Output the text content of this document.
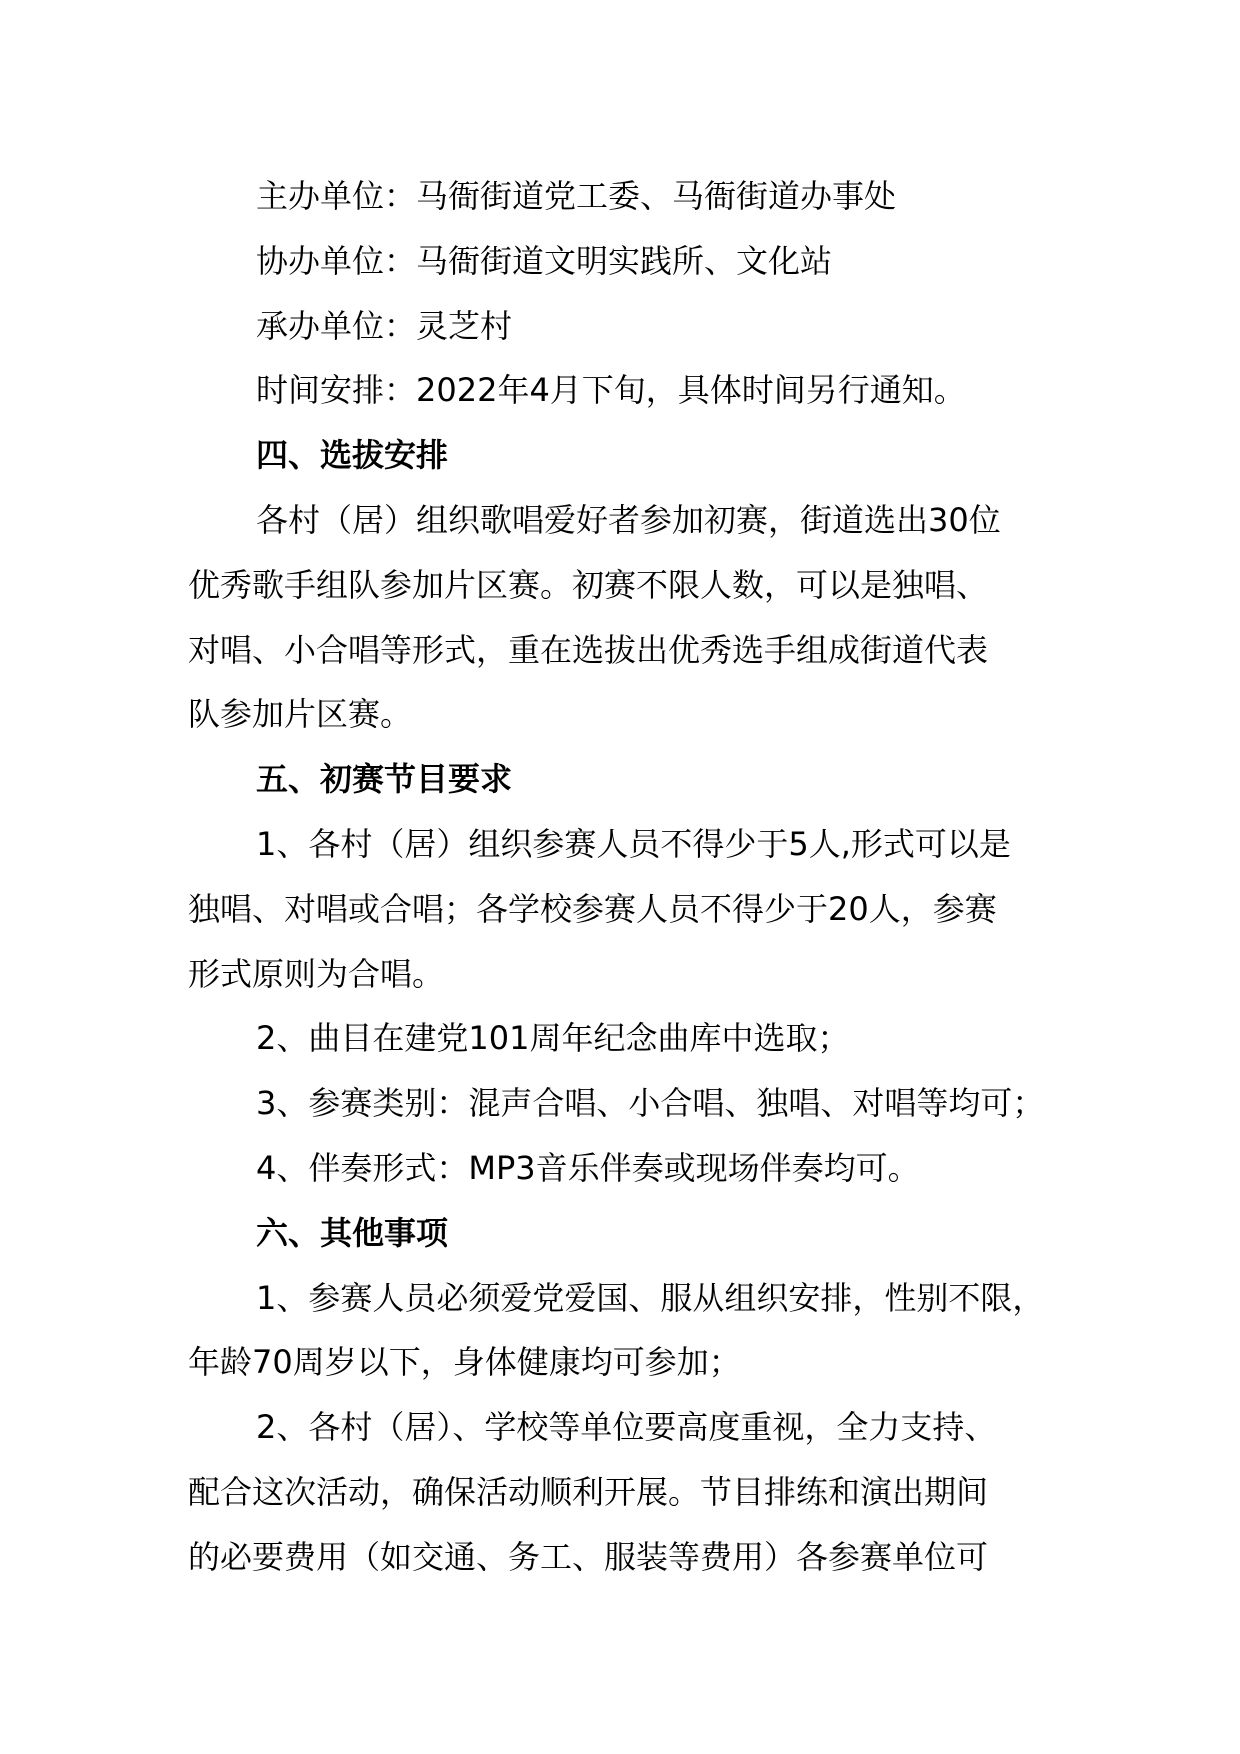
主办单位：马衙街道党工委、马衙街道办事处
协办单位：马衙街道文明实践所、文化站
承办单位：灵芝村
时间安排：2022年4月下旬，具体时间另行通知。
四、选拔安排
各村（居）组织歌唱爱好者参加初赛，街道选出30位
优秀歌手组队参加片区赛。初赛不限人数，可以是独唱、
对唱、小合唱等形式，重在选拔出优秀选手组成街道代表
队参加片区赛。
五、初赛节目要求
1、各村（居）组织参赛人员不得少于5人,形式可以是
独唱、对唱或合唱；各学校参赛人员不得少于20人，参赛
形式原则为合唱。
2、曲目在建党101周年纪念曲库中选取；
3、参赛类别：混声合唱、小合唱、独唱、对唱等均可；
4、伴奏形式：MP3音乐伴奏或现场伴奏均可。
六、其他事项
1、参赛人员必须爱党爱国、服从组织安排，性别不限，
年龄70周岁以下，身体健康均可参加；
2、各村（居）、学校等单位要高度重视，全力支持、
配合这次活动，确保活动顺利开展。节目排练和演出期间
的必要费用（如交通、务工、服装等费用）各参赛单位可
